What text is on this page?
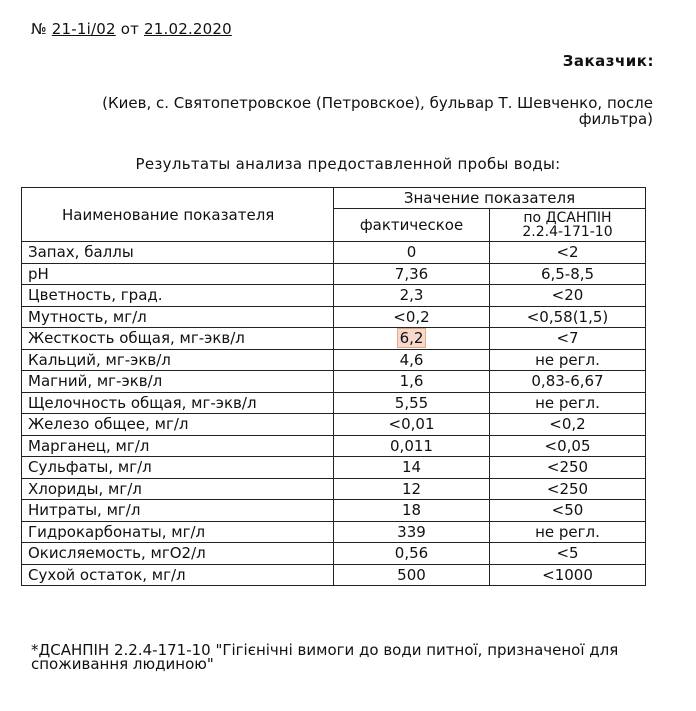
№ 21-1i/02 от 21.02.2020
Заказчик:
(Киев, с. Святопетровское (Петровское), бульвар Т. Шевченко, после фильтра)
Результаты анализа предоставленной пробы воды:
Наименование показателя	Значение показателя	
	фактическое	по ДСАНПІН 2.2.4-171-10
Запах, баллы	0	<2
pH	7,36	6,5-8,5
Цветность, град.	2,3	<20
Мутность, мг/л	<0,2	<0,58(1,5)
Жесткость общая, мг-экв/л	6,2	<7
Кальций, мг-экв/л	4,6	не регл.
Магний, мг-экв/л	1,6	0,83-6,67
Щелочность общая, мг-экв/л	5,55	не регл.
Железо общее, мг/л	<0,01	<0,2
Марганец, мг/л	0,011	<0,05
Сульфаты, мг/л	14	<250
Хлориды, мг/л	12	<250
Нитраты, мг/л	18	<50
Гидрокарбонаты, мг/л	339	не регл.
Окисляемость, мгО2/л	0,56	<5
Сухой остаток, мг/л	500	<1000
*ДСАНПІН 2.2.4-171-10 "Гігієнічні вимоги до води питної, призначеної для споживання людиною"
